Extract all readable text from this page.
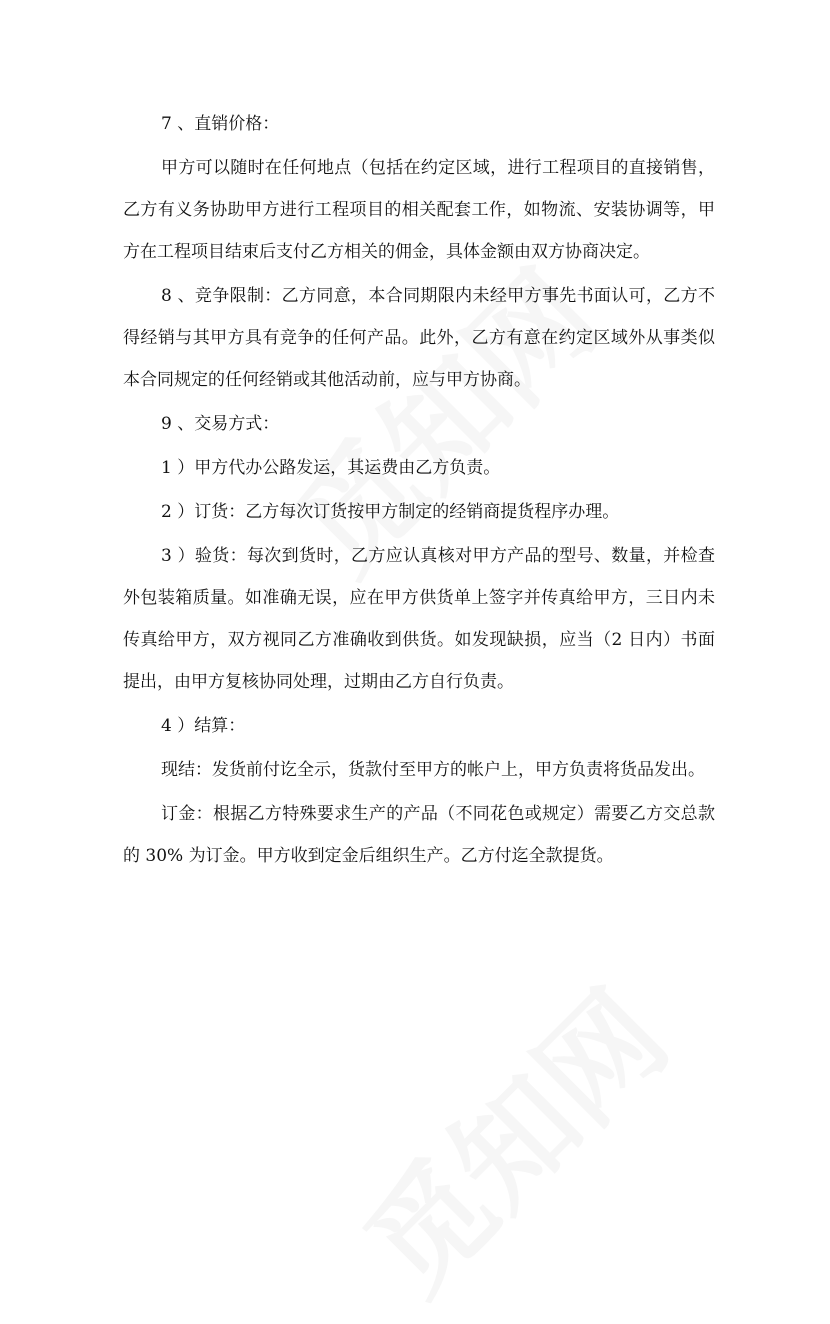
7 、直销价格：

甲方可以随时在任何地点（包括在约定区域，进行工程项目的直接销售，乙方有义务协助甲方进行工程项目的相关配套工作，如物流、安装协调等，甲方在工程项目结束后支付乙方相关的佣金，具体金额由双方协商决定。

8 、竞争限制：乙方同意，本合同期限内未经甲方事先书面认可，乙方不得经销与其甲方具有竞争的任何产品。此外，乙方有意在约定区域外从事类似本合同规定的任何经销或其他活动前，应与甲方协商。

9 、交易方式：

1 ）甲方代办公路发运，其运费由乙方负责。

2 ）订货：乙方每次订货按甲方制定的经销商提货程序办理。

3 ）验货：每次到货时，乙方应认真核对甲方产品的型号、数量，并检查外包装箱质量。如准确无误，应在甲方供货单上签字并传真给甲方，三日内未传真给甲方，双方视同乙方准确收到供货。如发现缺损，应当（2 日内）书面提出，由甲方复核协同处理，过期由乙方自行负责。

4 ）结算：

现结：发货前付讫全示，货款付至甲方的帐户上，甲方负责将货品发出。

订金：根据乙方特殊要求生产的产品（不同花色或规定）需要乙方交总款的 30% 为订金。甲方收到定金后组织生产。乙方付迄全款提货。
